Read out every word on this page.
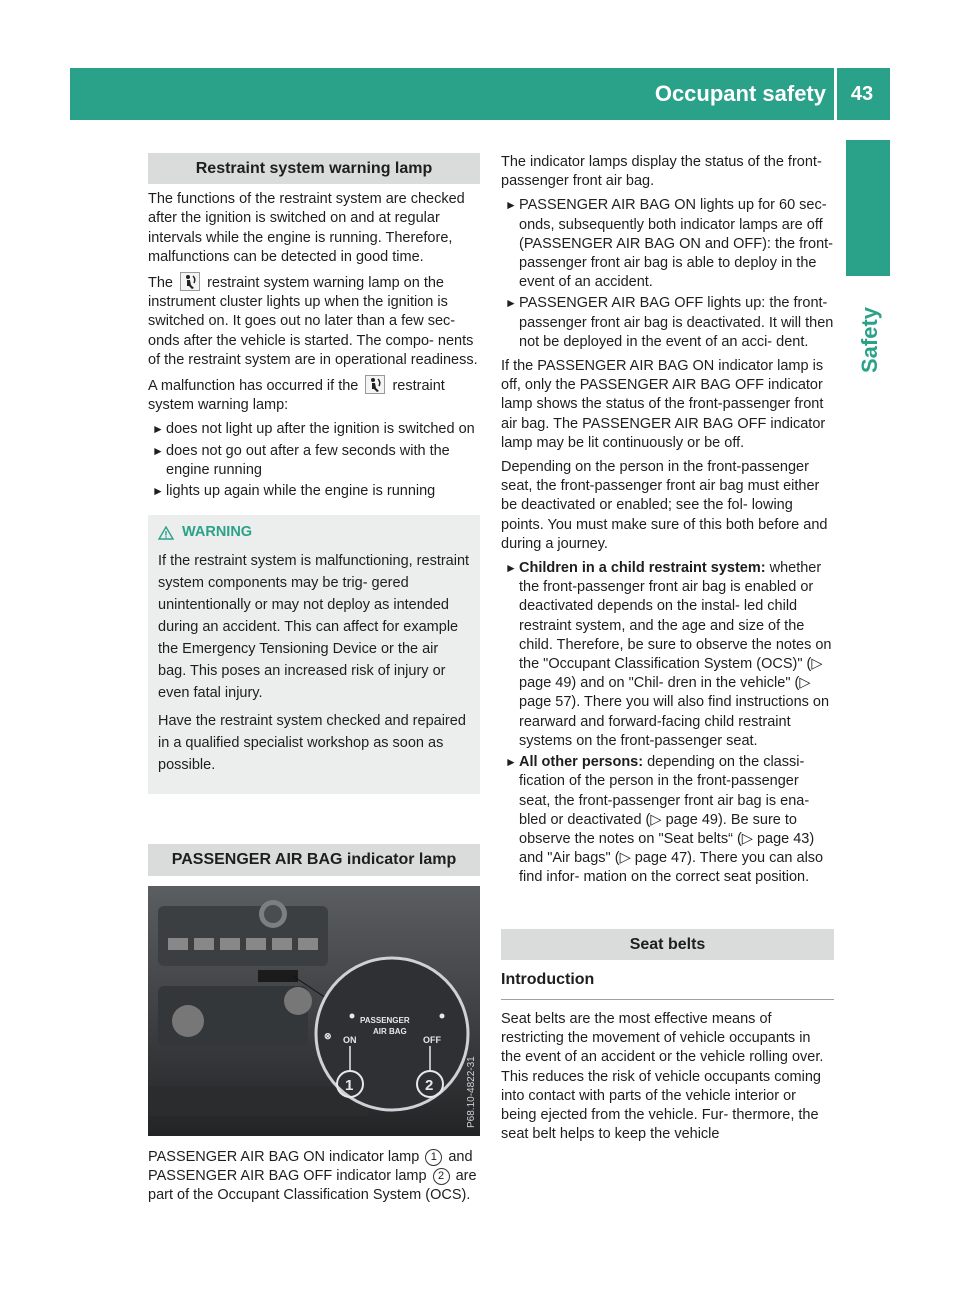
Occupant safety	43
Safety
Restraint system warning lamp

The functions of the restraint system are checked after the ignition is switched on and at regular intervals while the engine is running. Therefore, malfunctions can be detected in good time.

The restraint system warning lamp on the instrument cluster lights up when the ignition is switched on. It goes out no later than a few sec- onds after the vehicle is started. The compo- nents of the restraint system are in operational readiness.

A malfunction has occurred if the restraint system warning lamp:

► does not light up after the ignition is switched on
► does not go out after a few seconds with the engine running
► lights up again while the engine is running
WARNING

If the restraint system is malfunctioning, restraint system components may be trig- gered unintentionally or may not deploy as intended during an accident. This can affect for example the Emergency Tensioning Device or the air bag. This poses an increased risk of injury or even fatal injury.

Have the restraint system checked and repaired in a qualified specialist workshop as soon as possible.

PASSENGER AIR BAG indicator lamp
⊗ ON
PASSENGER
AIR BAG
OFF
1	2	P68.10-4822-31

PASSENGER AIR BAG ON indicator lamp 1 and PASSENGER AIR BAG OFF indicator lamp 2 are part of the Occupant Classification System (OCS).

The indicator lamps display the status of the front-passenger front air bag.

► PASSENGER AIR BAG ON lights up for 60 sec- onds, subsequently both indicator lamps are off (PASSENGER AIR BAG ON and OFF): the front-passenger front air bag is able to deploy in the event of an accident.
► PASSENGER AIR BAG OFF lights up: the front- passenger front air bag is deactivated. It will then not be deployed in the event of an acci- dent.

If the PASSENGER AIR BAG ON indicator lamp is off, only the PASSENGER AIR BAG OFF indicator lamp shows the status of the front-passenger front air bag. The PASSENGER AIR BAG OFF indicator lamp may be lit continuously or be off.

Depending on the person in the front-passenger seat, the front-passenger front air bag must either be deactivated or enabled; see the fol- lowing points. You must make sure of this both before and during a journey.

► Children in a child restraint system: whether the front-passenger front air bag is enabled or deactivated depends on the instal- led child restraint system, and the age and size of the child. Therefore, be sure to observe the notes on the "Occupant Classification System (OCS)" (▷ page 49) and on "Chil- dren in the vehicle" (▷ page 57). There you will also find instructions on rearward and forward-facing child restraint systems on the front-passenger seat.
► All other persons: depending on the classi- fication of the person in the front-passenger seat, the front-passenger front air bag is ena- bled or deactivated (▷ page 49). Be sure to observe the notes on "Seat belts“ (▷ page 43) and "Air bags" (▷ page 47). There you can also find infor- mation on the correct seat position.
Seat belts
Introduction

Seat belts are the most effective means of restricting the movement of vehicle occupants in the event of an accident or the vehicle rolling over. This reduces the risk of vehicle occupants coming into contact with parts of the vehicle interior or being ejected from the vehicle. Fur- thermore, the seat belt helps to keep the vehicle
